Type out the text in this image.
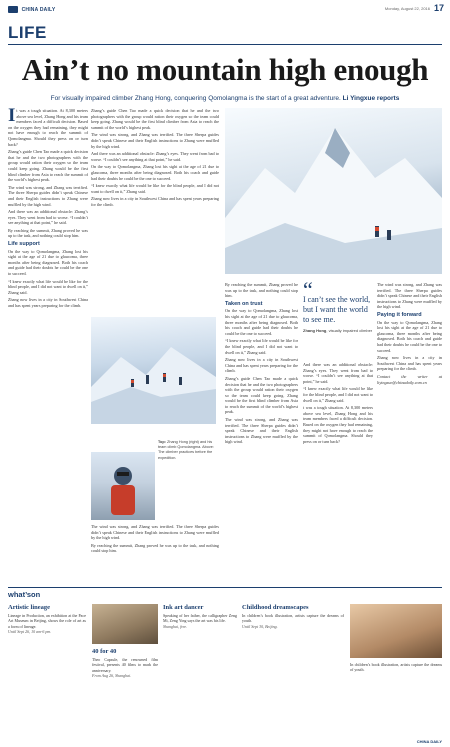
CHINA DAILY	Monday, August 22, 2016 17
LIFE
Ain’t no mountain high enough
For visually impaired climber Zhang Hong, conquering Qomolangma is the start of a great adventure. Li Yingxue reports

It was a tough situation. At 8,300 meters above sea level, Zhang Hong and his team members faced a difficult decision. Based on the oxygen they had remaining, they might not have enough to reach the summit of Qomolangma. Should they press on or turn back?

Zhang’s guide Chen Tao made a quick decision that he and the two photographers with the group would ration their oxygen so the team could keep going. Zhang would be the first blind climber from Asia to reach the summit of the world’s highest peak.

The wind was strong, and Zhang was terrified. The three Sherpa guides didn’t speak Chinese and their English instructions to Zhang were muffled by the high wind.

And there was an additional obstacle: Zhang’s eyes. They went from bad to worse. “I couldn’t see anything at that point,” he said.

By reaching the summit, Zhang proved he was up to the task, and nothing could stop him.

Life support

On the way to Qomolangma, Zhang lost his sight at the age of 21 due to glaucoma, three months after being diagnosed. Both his coach and guide had their doubts he could be the one to succeed.

“I knew exactly what life would be like for the blind people, and I did not want to dwell on it,” Zhang said.

Zhang now lives in a city in Southwest China and has spent years preparing for the climb.

Zhang’s guide Chen Tao made a quick decision that he and the two photographers with the group would ration their oxygen so the team could keep going. Zhang would be the first blind climber from Asia to reach the summit of the world’s highest peak.

The wind was strong, and Zhang was terrified. The three Sherpa guides didn’t speak Chinese and their English instructions to Zhang were muffled by the high wind.

And there was an additional obstacle: Zhang’s eyes. They went from bad to worse. “I couldn’t see anything at that point,” he said.

On the way to Qomolangma, Zhang lost his sight at the age of 21 due to glaucoma, three months after being diagnosed. Both his coach and guide had their doubts he could be the one to succeed.

“I knew exactly what life would be like for the blind people, and I did not want to dwell on it,” Zhang said.

Zhang now lives in a city in Southwest China and has spent years preparing for the climb.

Top: Zhang Hong (right) and his team climb Qomolangma. Above: The climber practices before the expedition.

The wind was strong, and Zhang was terrified. The three Sherpa guides didn’t speak Chinese and their English instructions to Zhang were muffled by the high wind.

By reaching the summit, Zhang proved he was up to the task, and nothing could stop him.

“
I can’t see the world, but I want the world to see me.
Zhang Hong, visually impaired climber

By reaching the summit, Zhang proved he was up to the task, and nothing could stop him.

Taken on trust

On the way to Qomolangma, Zhang lost his sight at the age of 21 due to glaucoma, three months after being diagnosed. Both his coach and guide had their doubts he could be the one to succeed.

“I knew exactly what life would be like for the blind people, and I did not want to dwell on it,” Zhang said.

Zhang now lives in a city in Southwest China and has spent years preparing for the climb.

Zhang’s guide Chen Tao made a quick decision that he and the two photographers with the group would ration their oxygen so the team could keep going. Zhang would be the first blind climber from Asia to reach the summit of the world’s highest peak.

The wind was strong, and Zhang was terrified. The three Sherpa guides didn’t speak Chinese and their English instructions to Zhang were muffled by the high wind.

And there was an additional obstacle: Zhang’s eyes. They went from bad to worse. “I couldn’t see anything at that point,” he said.

“I knew exactly what life would be like for the blind people, and I did not want to dwell on it,” Zhang said.

t was a tough situation. At 8,300 meters above sea level, Zhang Hong and his team members faced a difficult decision. Based on the oxygen they had remaining, they might not have enough to reach the summit of Qomolangma. Should they press on or turn back?

The wind was strong, and Zhang was terrified. The three Sherpa guides didn’t speak Chinese and their English instructions to Zhang were muffled by the high wind.

Paying it forward

On the way to Qomolangma, Zhang lost his sight at the age of 21 due to glaucoma, three months after being diagnosed. Both his coach and guide had their doubts he could be the one to succeed.

Zhang now lives in a city in Southwest China and has spent years preparing for the climb.

Contact the writer at liyingxue@chinadaily.com.cn

what’son
Artistic lineage

Lineage in Production, an exhibition at the Pace Art Museum in Beijing, shows the role of art as a form of lineage.

Until Sept 26, 10 am-6 pm.

40 for 40

Theo Capsule, the renowned film festival, presents 40 films to mark the anniversary.

From Aug 26, Shanghai.

Ink art dancer

Speaking of her father, the calligrapher Zeng Mi, Zeng Ying says the art was his life.

Shanghai, free.

Childhood dreamscapes

In children’s book illustration, artists capture the dreams of youth.

Until Sept 30, Beijing.

In children’s book illustration, artists capture the dreams of youth.

CHINA DAILY
